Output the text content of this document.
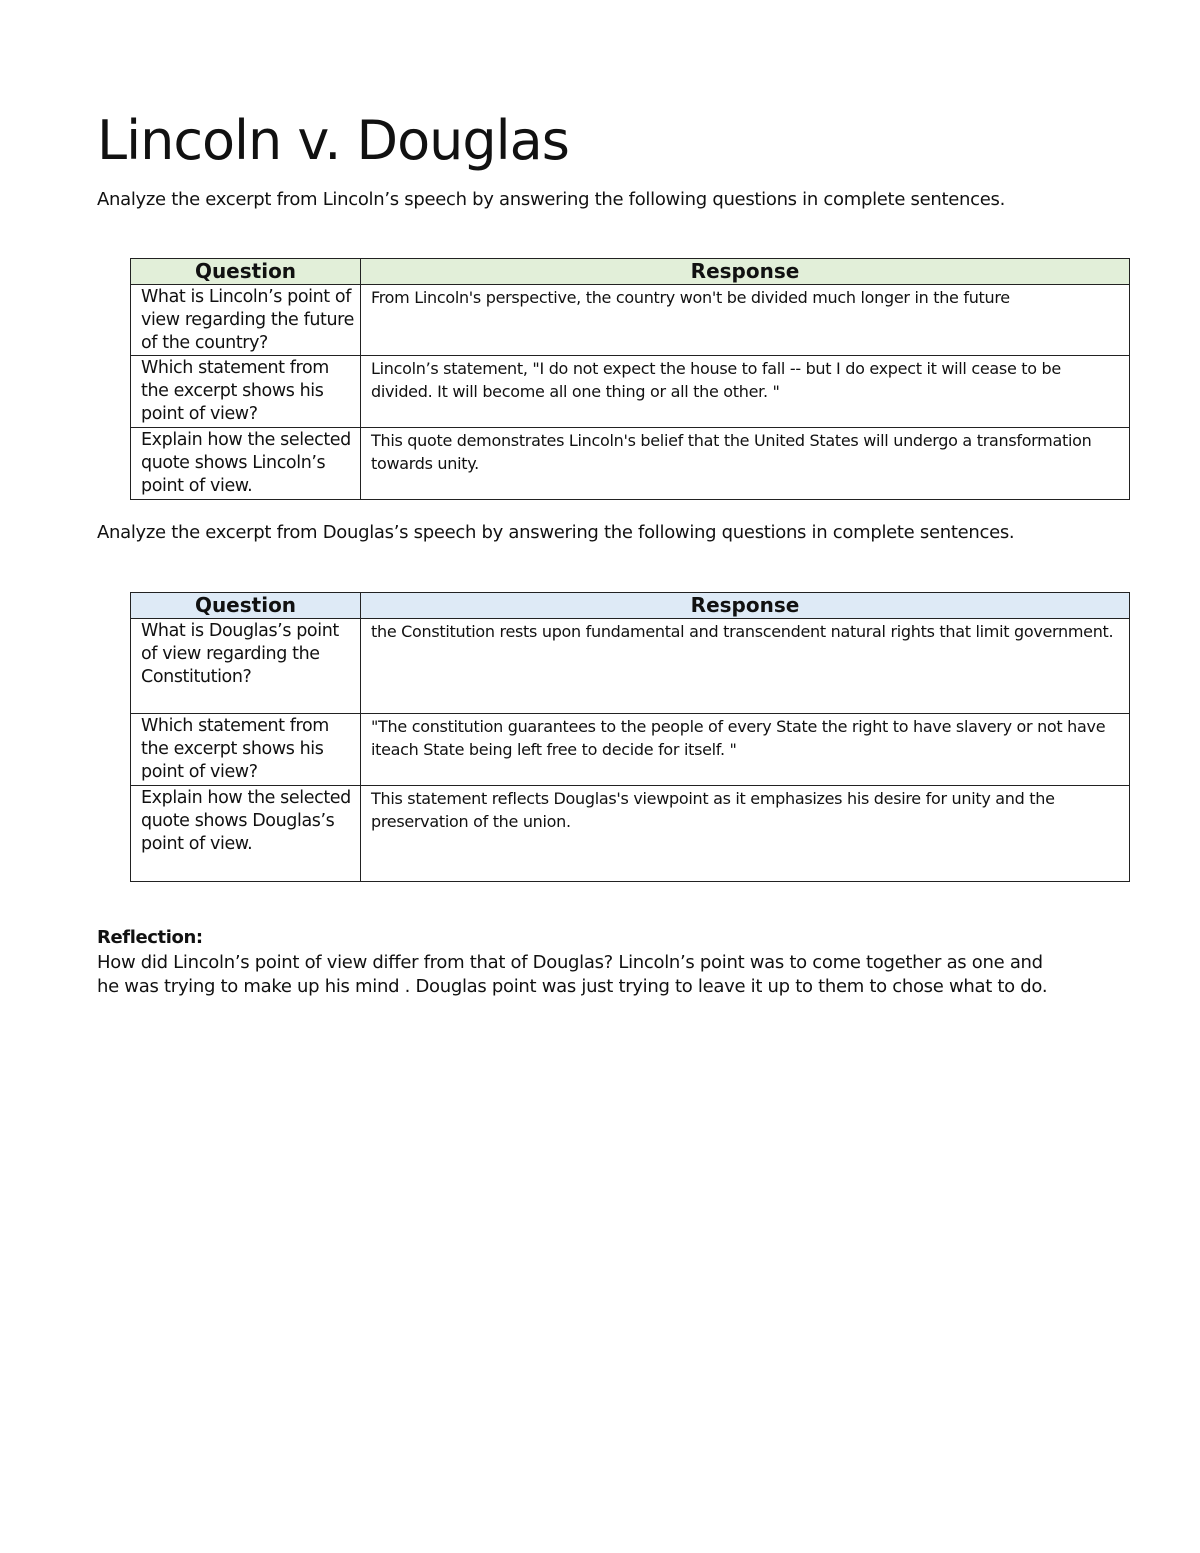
Lincoln v. Douglas

Analyze the excerpt from Lincoln’s speech by answering the following questions in complete sentences.

Question	Response
What is Lincoln’s point of view regarding the future of the country?	From Lincoln's perspective, the country won't be divided much longer in the future
Which statement from the excerpt shows his point of view?	Lincoln’s statement, "I do not expect the house to fall -- but I do expect it will cease to be divided. It will become all one thing or all the other. "
Explain how the selected quote shows Lincoln’s point of view.	This quote demonstrates Lincoln's belief that the United States will undergo a transformation towards unity.

Analyze the excerpt from Douglas’s speech by answering the following questions in complete sentences.

Question	Response
What is Douglas’s point of view regarding the Constitution?	the Constitution rests upon fundamental and transcendent natural rights that limit government.
Which statement from the excerpt shows his point of view?	"The constitution guarantees to the people of every State the right to have slavery or not have iteach State being left free to decide for itself. "
Explain how the selected quote shows Douglas’s point of view.	This statement reflects Douglas's viewpoint as it emphasizes his desire for unity and the preservation of the union.

Reflection:

How did Lincoln’s point of view differ from that of Douglas? Lincoln’s point was to come together as one and he was trying to make up his mind . Douglas point was just trying to leave it up to them to chose what to do.
